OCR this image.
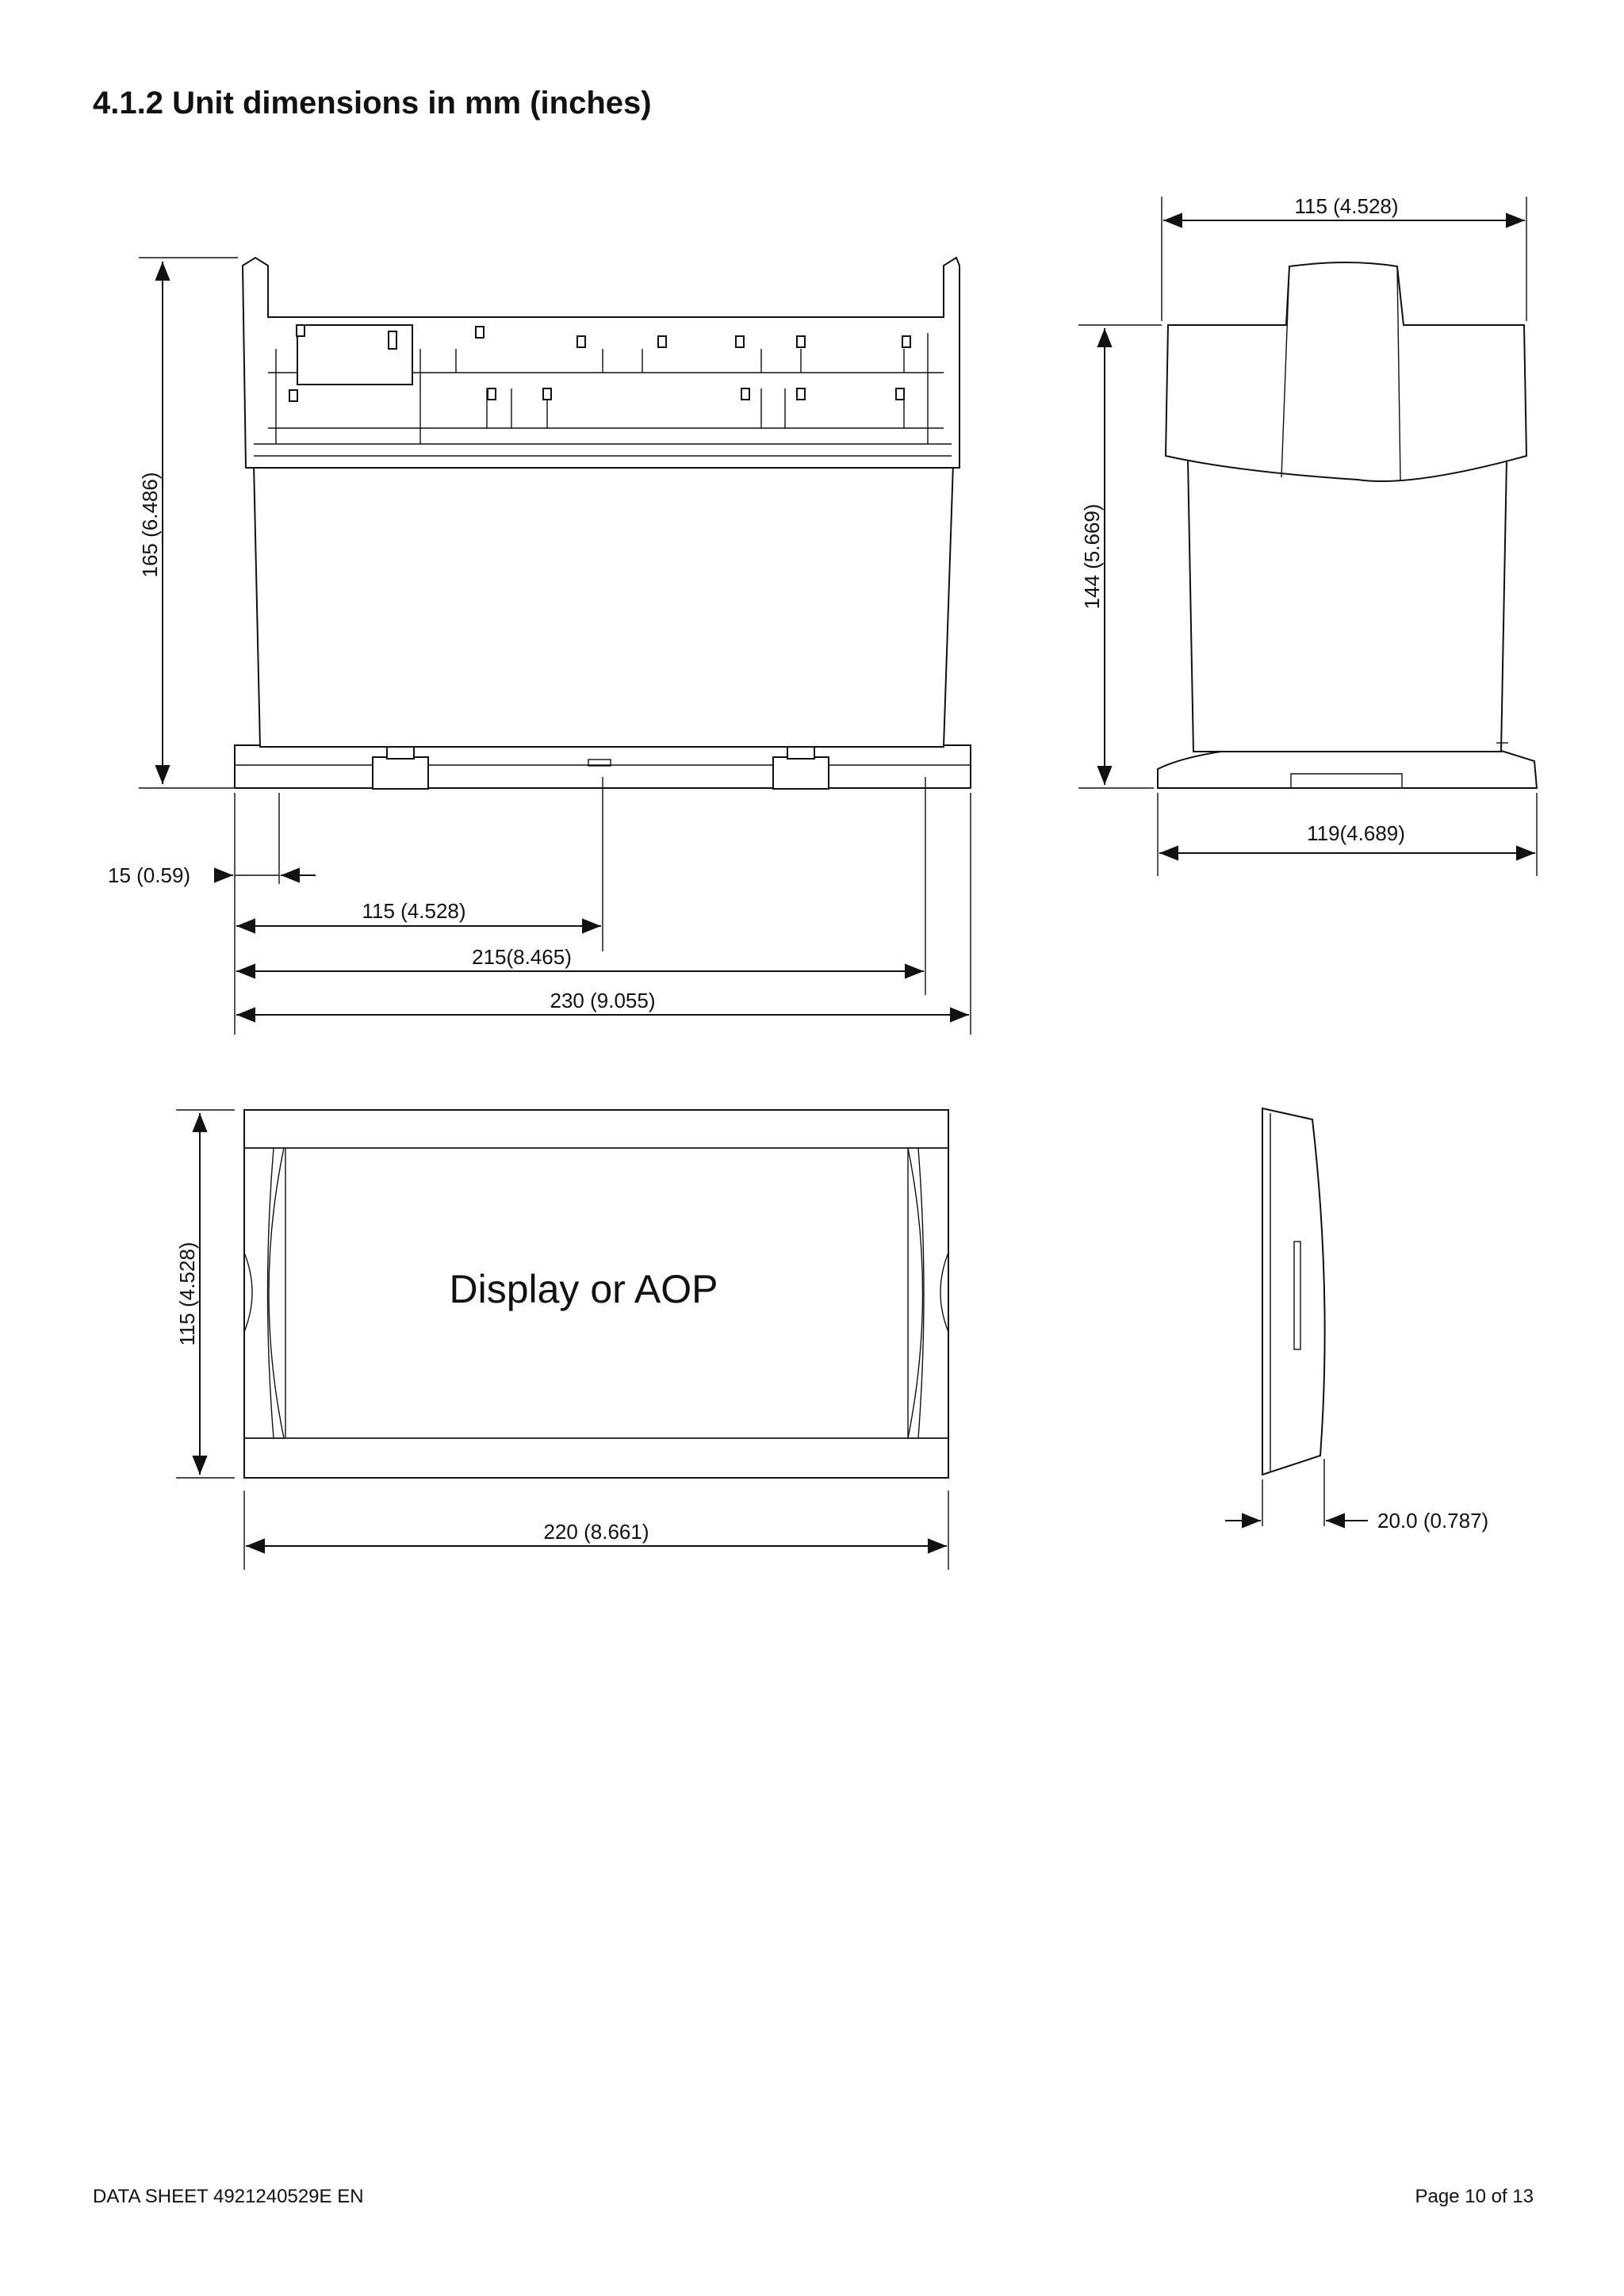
4.1.2 Unit dimensions in mm (inches)
165 (6.486)
15 (0.59)
115 (4.528)
215(8.465)
230 (9.055)
115 (4.528)
144 (5.669)
119(4.689)
Display or AOP
115 (4.528)
220 (8.661)	20.0 (0.787)
DATA SHEET 4921240529E EN	Page 10 of 13
